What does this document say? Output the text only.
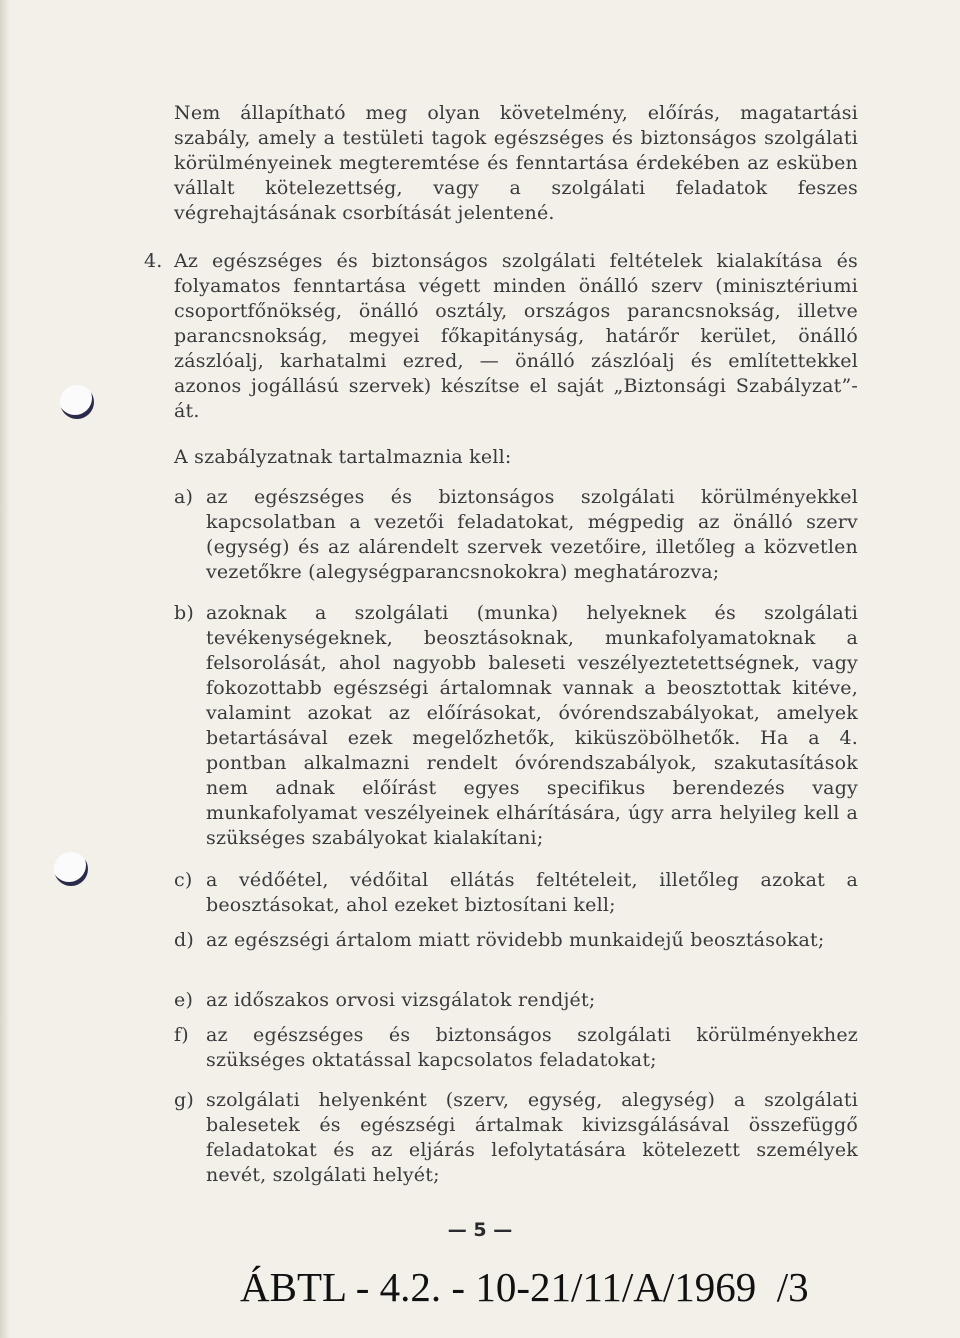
Nem állapítható meg olyan követelmény, előírás, magatartási szabály, amely a testületi tagok egészséges és biztonságos szolgálati körülményeinek megteremtése és fenntartása érdekében az esküben vállalt kötelezettség, vagy a szolgálati feladatok feszes végrehajtásának csorbítását jelentené.
4. Az egészséges és biztonságos szolgálati feltételek kialakítása és folyamatos fenntartása végett minden önálló szerv (minisztériumi csoportfőnökség, önálló osztály, országos parancsnokság, illetve parancsnokság, megyei főkapitányság, határőr kerület, önálló zászlóalj, karhatalmi ezred, — önálló zászlóalj és említettekkel azonos jogállású szervek) készítse el saját „Biztonsági Szabályzat”-át.
A szabályzatnak tartalmaznia kell:
a) az egészséges és biztonságos szolgálati körülményekkel kapcsolatban a vezetői feladatokat, mégpedig az önálló szerv (egység) és az alárendelt szervek vezetőire, illetőleg a közvetlen vezetőkre (alegységparancsnokokra) meghatározva;
b) azoknak a szolgálati (munka) helyeknek és szolgálati tevékenységeknek, beosztásoknak, munkafolyamatoknak a felsorolását, ahol nagyobb baleseti veszélyeztetettségnek, vagy fokozottabb egészségi ártalomnak vannak a beosztottak kitéve, valamint azokat az előírásokat, óvórendszabályokat, amelyek betartásával ezek megelőzhetők, kiküszöbölhetők. Ha a 4. pontban alkalmazni rendelt óvórendszabályok, szakutasítások nem adnak előírást egyes specifikus berendezés vagy munkafolyamat veszélyeinek elhárítására, úgy arra helyileg kell a szükséges szabályokat kialakítani;
c) a védőétel, védőital ellátás feltételeit, illetőleg azokat a beosztásokat, ahol ezeket biztosítani kell;
d) az egészségi ártalom miatt rövidebb munkaidejű beosztásokat;
e) az időszakos orvosi vizsgálatok rendjét;
f) az egészséges és biztonságos szolgálati körülményekhez szükséges oktatással kapcsolatos feladatokat;
g) szolgálati helyenként (szerv, egység, alegység) a szolgálati balesetek és egészségi ártalmak kivizsgálásával összefüggő feladatokat és az eljárás lefolytatására kötelezett személyek nevét, szolgálati helyét;
— 5 —
ÁBTL - 4.2. - 10-21/11/A/1969  /3
